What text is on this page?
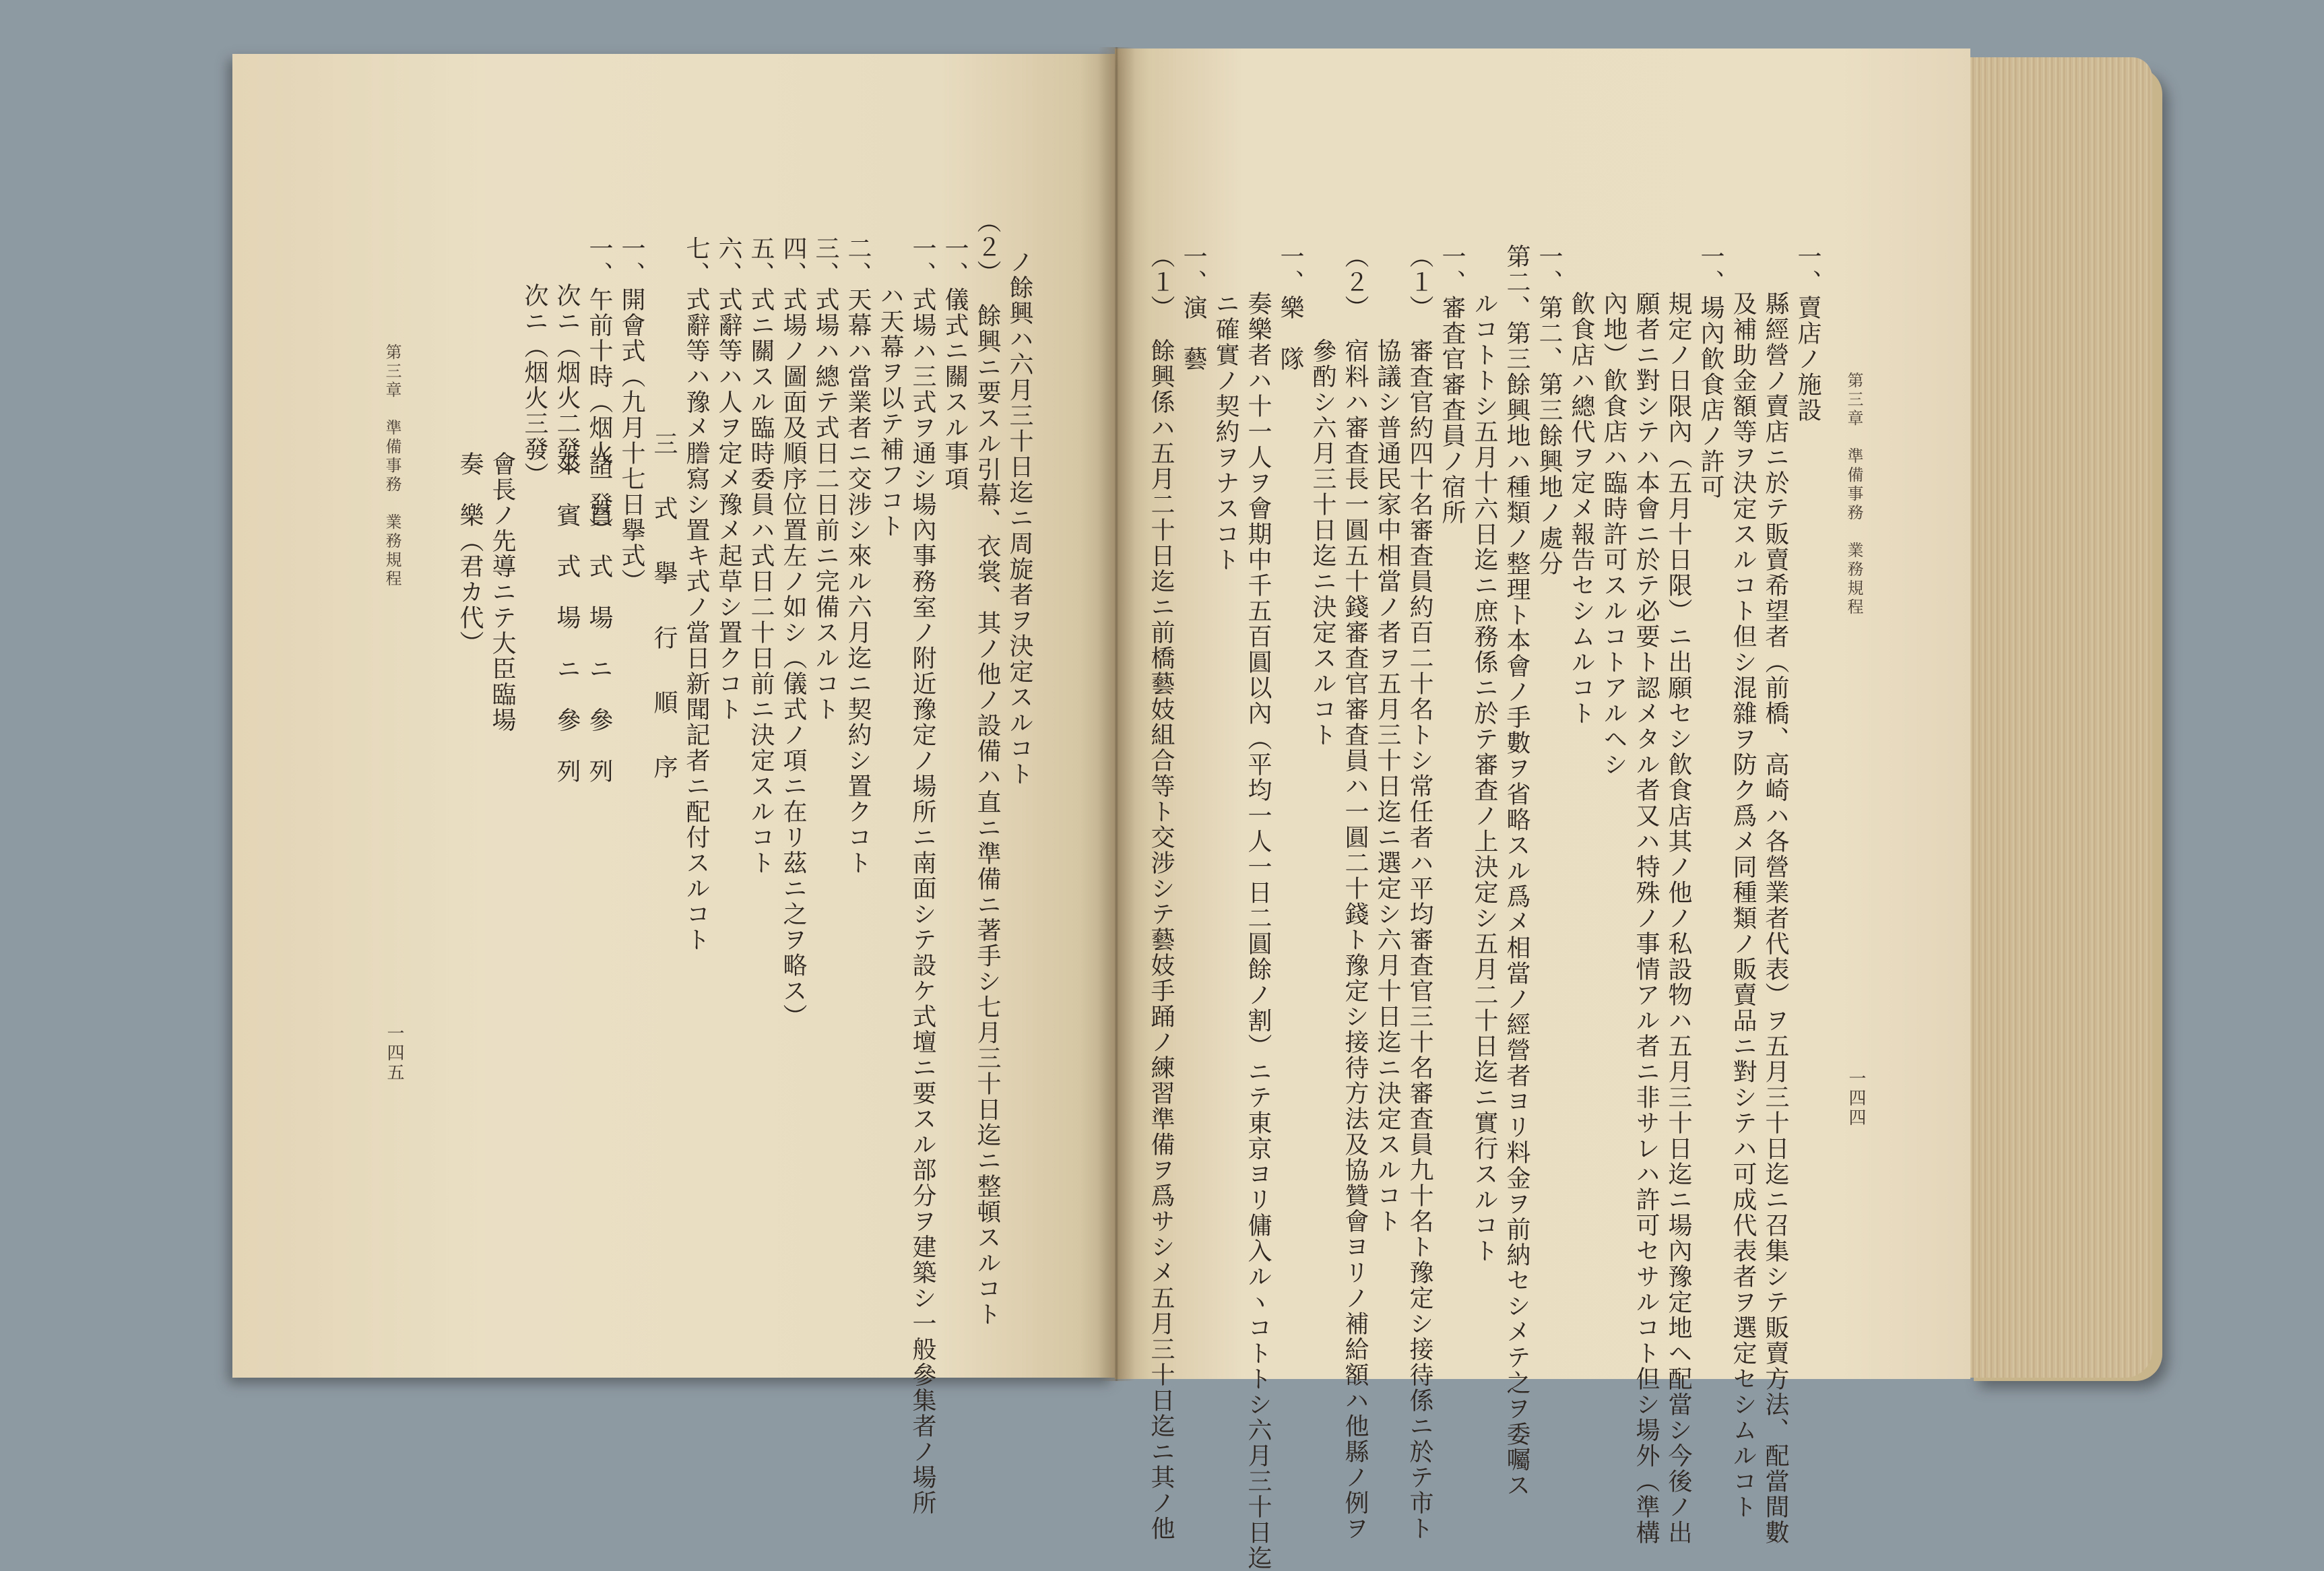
第三章　準備事務　業務規程
一四四
一、賣店ノ施設
縣經營ノ賣店ニ於テ販賣希望者（前橋、高崎ハ各營業者代表）ヲ五月三十日迄ニ召集シテ販賣方法、配當間數
及補助金額等ヲ決定スルコト但シ混雜ヲ防ク爲メ同種類ノ販賣品ニ對シテハ可成代表者ヲ選定セシムルコト
一、場內飮食店ノ許可
規定ノ日限內（五月十日限）ニ出願セシ飮食店其ノ他ノ私設物ハ五月三十日迄ニ場內豫定地ヘ配當シ今後ノ出
願者ニ對シテハ本會ニ於テ必要ト認メタル者又ハ特殊ノ事情アル者ニ非サレハ許可セサルコト但シ場外（準構
內地）飮食店ハ臨時許可スルコトアルヘシ
飮食店ハ總代ヲ定メ報告セシムルコト
一、第二、第三餘興地ノ處分
第二、第三餘興地ハ種類ノ整理ト本會ノ手數ヲ省略スル爲メ相當ノ經營者ヨリ料金ヲ前納セシメテ之ヲ委囑ス
ルコトトシ五月十六日迄ニ庶務係ニ於テ審査ノ上決定シ五月二十日迄ニ實行スルコト
一、審査官審査員ノ宿所
（１）
審査官約四十名審査員約百二十名トシ常任者ハ平均審査官三十名審査員九十名ト豫定シ接待係ニ於テ市ト
協議シ普通民家中相當ノ者ヲ五月三十日迄ニ選定シ六月十日迄ニ決定スルコト
（２）
宿料ハ審査長一圓五十錢審査官審査員ハ一圓二十錢ト豫定シ接待方法及協贊會ヨリノ補給額ハ他縣ノ例ヲ
參酌シ六月三十日迄ニ決定スルコト
一、樂　隊
奏樂者ハ十一人ヲ會期中千五百圓以內（平均一人一日二圓餘ノ割）ニテ東京ヨリ傭入ルヽコトトシ六月三十日迄
ニ確實ノ契約ヲナスコト
一、演　藝
（１）
餘興係ハ五月二十日迄ニ前橋藝妓組合等ト交涉シテ藝妓手踊ノ練習準備ヲ爲サシメ五月三十日迄ニ其ノ他
ノ餘興ハ六月三十日迄ニ周旋者ヲ決定スルコト
（２）
餘興ニ要スル引幕、衣裳、其ノ他ノ設備ハ直ニ準備ニ著手シ七月三十日迄ニ整頓スルコト
一、儀式ニ關スル事項
一、式場ハ三式ヲ通シ場內事務室ノ附近豫定ノ場所ニ南面シテ設ケ式壇ニ要スル部分ヲ建築シ一般參集者ノ場所
ハ天幕ヲ以テ補フコト
二、天幕ハ當業者ニ交涉シ來ル六月迄ニ契約シ置クコト
三、式場ハ總テ式日二日前ニ完備スルコト
四、式場ノ圖面及順序位置左ノ如シ（儀式ノ項ニ在リ茲ニ之ヲ略ス）
五、式ニ關スル臨時委員ハ式日二十日前ニ決定スルコト
六、式辭等ハ人ヲ定メ豫メ起草シ置クコト
七、式辭等ハ豫メ謄寫シ置キ式ノ當日新聞記者ニ配付スルコト
三　式　擧　行　順　序
一、開會式（九月十七日擧式）
一、午前十時（烟火一發）
諸　員　式　場　ニ　參　列
次ニ（烟火二發）
來　賓　式　場　ニ　參　列
次ニ（烟火三發）
會長ノ先導ニテ大臣臨場
奏　樂（君カ代）
第三章　準備事務　業務規程
一四五
